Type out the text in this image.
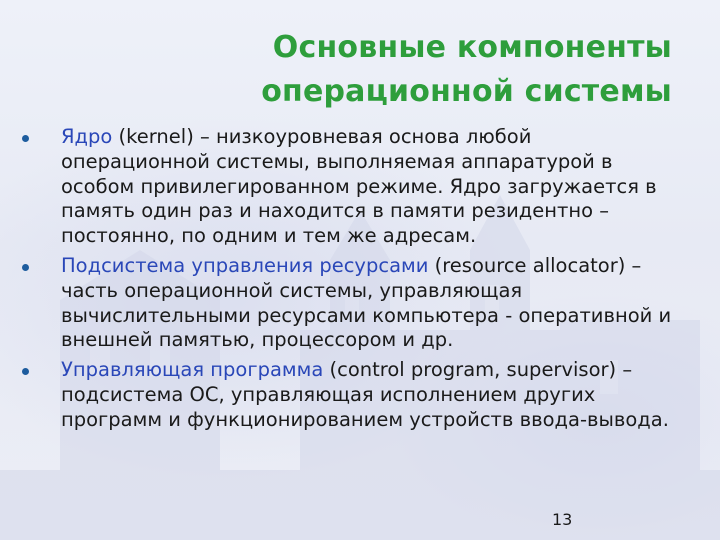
Основные компоненты
операционной системы
Ядро (kernel) – низкоуровневая основа любой
операционной системы, выполняемая аппаратурой в
особом привилегированном режиме. Ядро загружается в
память один раз и находится в памяти резидентно –
постоянно, по одним и тем же адресам.
Подсистема управления ресурсами (resource allocator) –
часть операционной системы, управляющая
вычислительными ресурсами компьютера - оперативной и
внешней памятью, процессором и др.
Управляющая программа (control program, supervisor) –
подсистема ОС, управляющая исполнением других
программ и функционированием устройств ввода-вывода.
13
